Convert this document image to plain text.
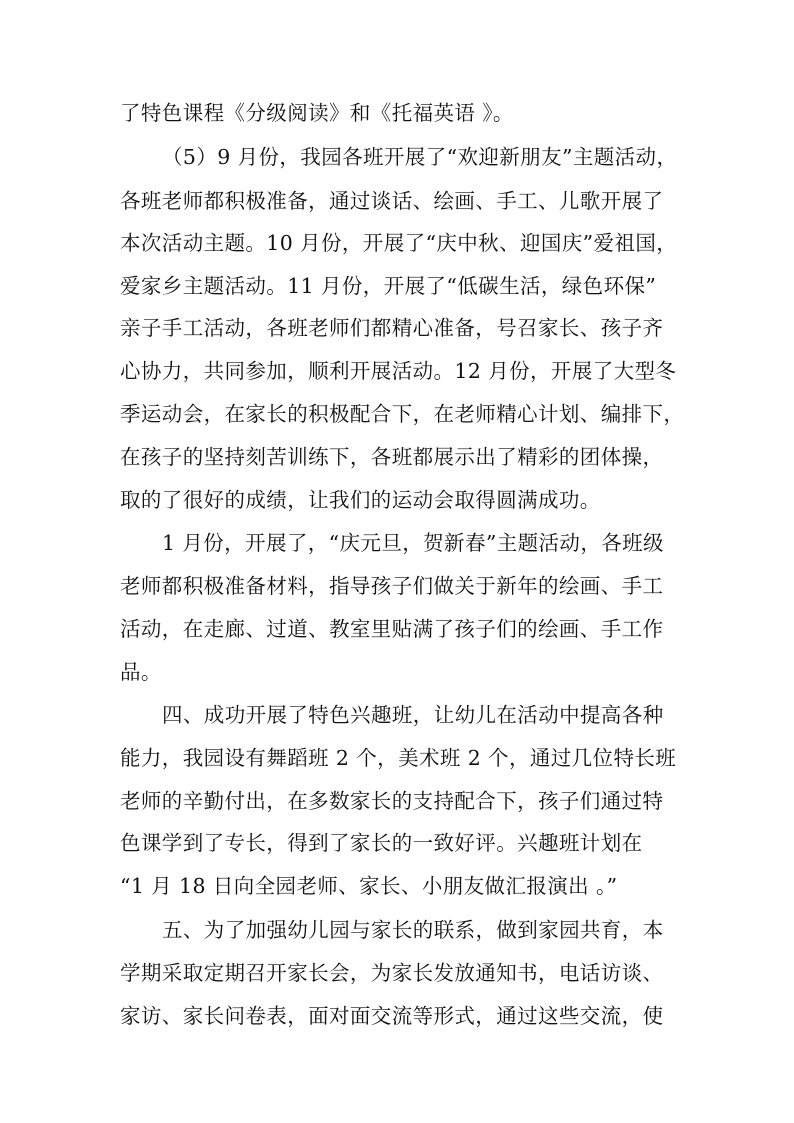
了特色课程《分级阅读》和《托福英语 》。
（5）9 月份，我园各班开展了“欢迎新朋友”主题活动，
各班老师都积极准备，通过谈话、绘画、手工、儿歌开展了
本次活动主题。10 月份，开展了“庆中秋、迎国庆”爱祖国，
爱家乡主题活动。11 月份，开展了“低碳生活，绿色环保”
亲子手工活动，各班老师们都精心准备，号召家长、孩子齐
心协力，共同参加，顺利开展活动。12 月份，开展了大型冬
季运动会，在家长的积极配合下，在老师精心计划、编排下，
在孩子的坚持刻苦训练下，各班都展示出了精彩的团体操，
取的了很好的成绩，让我们的运动会取得圆满成功。
1 月份，开展了，“庆元旦，贺新春”主题活动，各班级
老师都积极准备材料，指导孩子们做关于新年的绘画、手工
活动，在走廊、过道、教室里贴满了孩子们的绘画、手工作
品。
四、成功开展了特色兴趣班，让幼儿在活动中提高各种
能力，我园设有舞蹈班 2 个，美术班 2 个，通过几位特长班
老师的辛勤付出，在多数家长的支持配合下，孩子们通过特
色课学到了专长，得到了家长的一致好评。兴趣班计划在
“1 月 18 日向全园老师、家长、小朋友做汇报演出 。”
五、为了加强幼儿园与家长的联系，做到家园共育，本
学期采取定期召开家长会，为家长发放通知书，电话访谈、
家访、家长问卷表，面对面交流等形式，通过这些交流，使
